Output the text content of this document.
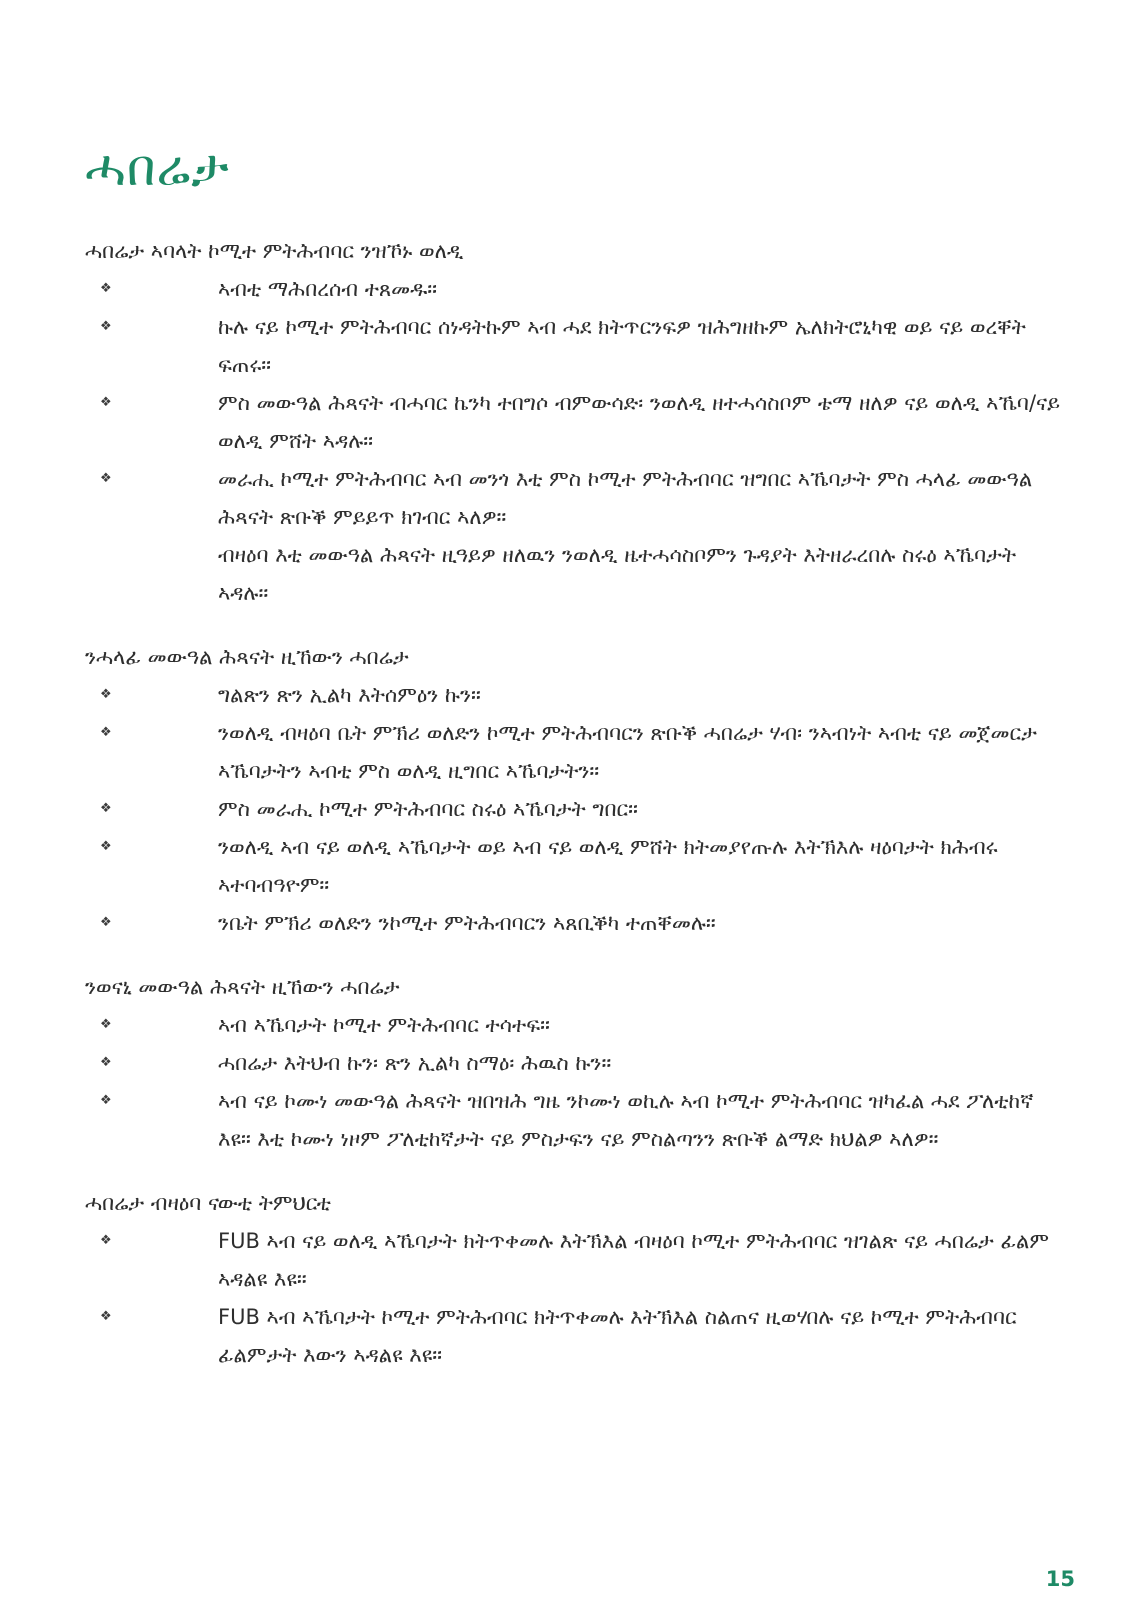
ሓበሬታ
ሓበሬታ ኣባላት ኮሚተ ምትሕብባር ንዝኾኑ ወለዲ
❖	ኣብቲ ማሕበረሰብ ተጸመዱ።

❖	ኩሉ ናይ ኮሚተ ምትሕብባር ሰነዳትኩም ኣብ ሓደ ክትጥርንፍዎ ዝሕግዘኩም ኤለክትሮኒካዊ ወይ ናይ ወረቐት ፍጠሩ።

❖	ምስ መውዓል ሕጻናት ብሓባር ኬንካ ተበግሶ ብምውሳድ፡ ንወለዲ ዘተሓሳስቦም ቴማ ዘለዎ ናይ ወለዲ ኣኼባ/ናይ ወለዲ ምሸት ኣዳሉ።

❖	መራሒ ኮሚተ ምትሕብባር ኣብ መንጎ እቲ ምስ ኮሚተ ምትሕብባር ዝግበር ኣኼባታት ምስ ሓላፊ መውዓል ሕጻናት ጽቡቕ ምይይጥ ክገብር ኣለዎ።

ብዛዕባ እቲ መውዓል ሕጻናት ዚዓይዎ ዘለዉን ንወለዲ ዜተሓሳስቦምን ጉዳያት እትዘራረበሉ ስሩዕ ኣኼባታት ኣዳሉ።

ንሓላፊ መውዓል ሕጻናት ዚኸውን ሓበሬታ
❖	ግልጽን ጽን ኢልካ እትሰምዕን ኩን።

❖	ንወለዲ ብዛዕባ ቤት ምኽሪ ወለድን ኮሚተ ምትሕብባርን ጽቡቕ ሓበሬታ ሃብ፡ ንኣብነት ኣብቲ ናይ መጀመርታ ኣኼባታትን ኣብቲ ምስ ወለዲ ዚግበር ኣኼባታትን።

❖	ምስ መራሒ ኮሚተ ምትሕብባር ስሩዕ ኣኼባታት ግበር።

❖	ንወለዲ ኣብ ናይ ወለዲ ኣኼባታት ወይ ኣብ ናይ ወለዲ ምሸት ክትመያየጡሉ እትኽእሉ ዛዕባታት ክሕብሩ ኣተባብዓዮም።

❖	ንቤት ምኽሪ ወለድን ንኮሚተ ምትሕብባርን ኣጸቢቕካ ተጠቐመሉ።

ንወናኒ መውዓል ሕጻናት ዚኸውን ሓበሬታ
❖	ኣብ ኣኼባታት ኮሚተ ምትሕብባር ተሳተፍ።

❖	ሓበሬታ እትህብ ኩን፡ ጽን ኢልካ ስማዕ፡ ሕዉስ ኩን።

❖	ኣብ ናይ ኮሙነ መውዓል ሕጻናት ዝበዝሕ ግዜ ንኮሙነ ወኪሉ ኣብ ኮሚተ ምትሕብባር ዝካፈል ሓደ ፖለቲከኛ እዩ። እቲ ኮሙነ ነዞም ፖለቲከኛታት ናይ ምስታፍን ናይ ምስልጣንን ጽቡቕ ልማድ ክህልዎ ኣለዎ።

ሓበሬታ ብዛዕባ ናውቲ ትምህርቲ
❖	FUB ኣብ ናይ ወለዲ ኣኼባታት ክትጥቀመሉ እትኽእል ብዛዕባ ኮሚተ ምትሕብባር ዝገልጽ ናይ ሓበሬታ ፊልም ኣዳልዩ እዩ።

❖	FUB ኣብ ኣኼባታት ኮሚተ ምትሕብባር ክትጥቀመሉ እትኽእል ስልጠና ዚወሃበሉ ናይ ኮሚተ ምትሕብባር ፊልምታት እውን ኣዳልዩ እዩ።

15
